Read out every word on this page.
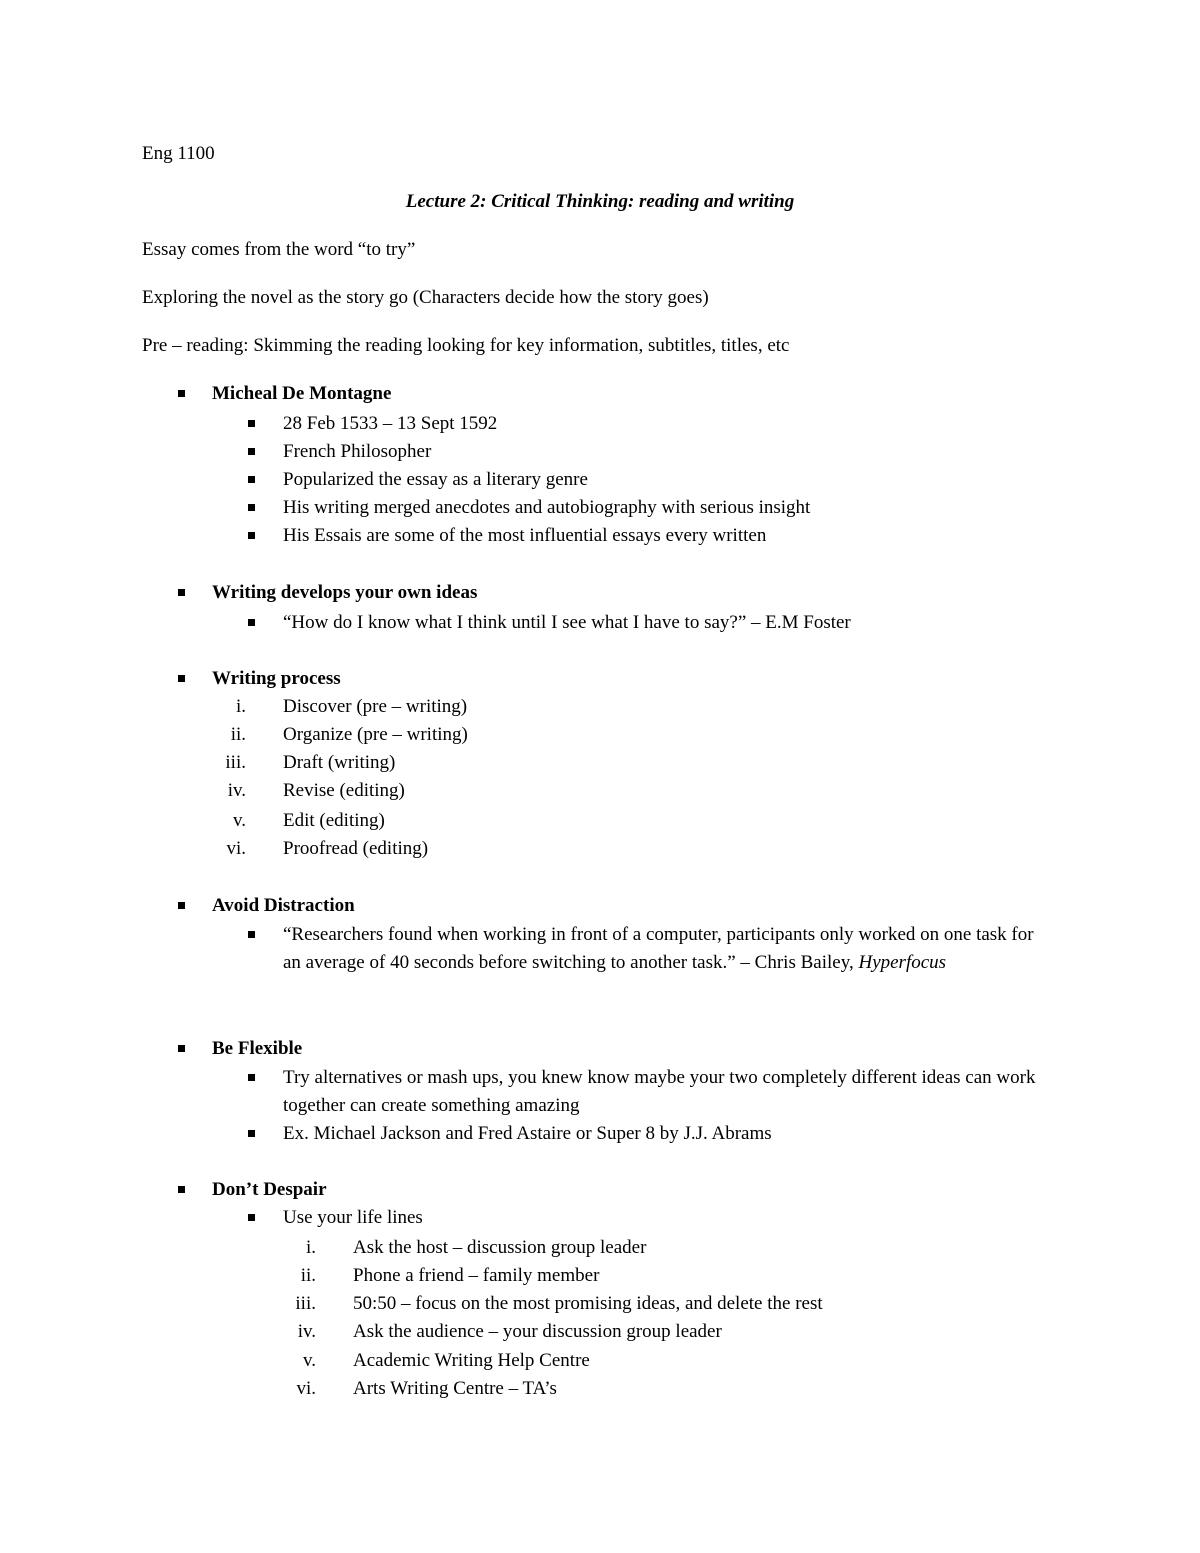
Eng 1100
Lecture 2: Critical Thinking: reading and writing
Essay comes from the word “to try”
Exploring the novel as the story go (Characters decide how the story goes)
Pre – reading: Skimming the reading looking for key information, subtitles, titles, etc
Micheal De Montagne
28 Feb 1533 – 13 Sept 1592
French Philosopher
Popularized the essay as a literary genre
His writing merged anecdotes and autobiography with serious insight
His Essais are some of the most influential essays every written
Writing develops your own ideas
“How do I know what I think until I see what I have to say?” – E.M Foster
Writing process
i. Discover (pre – writing)
ii. Organize (pre – writing)
iii. Draft (writing)
iv. Revise (editing)
v. Edit (editing)
vi. Proofread (editing)
Avoid Distraction
“Researchers found when working in front of a computer, participants only worked on one task for an average of 40 seconds before switching to another task.” – Chris Bailey, Hyperfocus
Be Flexible
Try alternatives or mash ups, you knew know maybe your two completely different ideas can work together can create something amazing
Ex. Michael Jackson and Fred Astaire or Super 8 by J.J. Abrams
Don’t Despair
Use your life lines
i. Ask the host – discussion group leader
ii. Phone a friend – family member
iii. 50:50 – focus on the most promising ideas, and delete the rest
iv. Ask the audience – your discussion group leader
v. Academic Writing Help Centre
vi. Arts Writing Centre – TA’s
